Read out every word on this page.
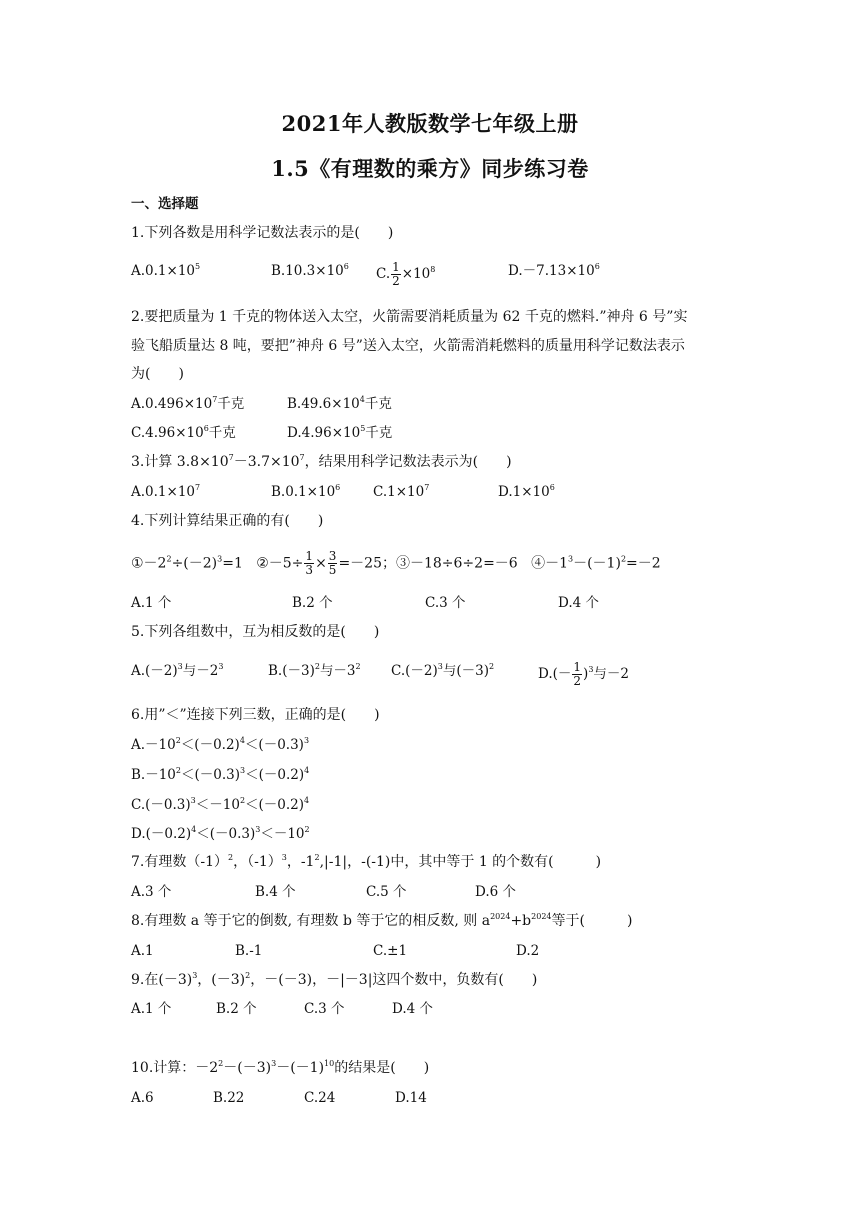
2021年人教版数学七年级上册
1.5《有理数的乘方》同步练习卷
一、选择题
1.下列各数是用科学记数法表示的是(　　)
$A.0.1\times 10^5$	$B.10.3\times 10^6$ C. $\frac{1}{2} \times 10^8$	$D.-7.13\times 10^6$
2.要把质量为 1 千克的物体送入太空，火箭需要消耗质量为 62 千克的燃料.”神舟 6 号”实
验飞船质量达 8 吨，要把”神舟 6 号”送入太空，火箭需消耗燃料的质量用科学记数法表示
为(　　)
$A.0.496\times 10^7$千克	$B.49.6\times 10^4$千克
$C.4.96\times 10^6$千克	$D.4.96\times 10^5$千克
3.计算 $3.8\times 10^7-3.7\times 10^7$，结果用科学记数法表示为(　　)
$A.0.1\times 10^7$	$B.0.1\times 10^6$ $C.1\times 10^7$	$D.1\times 10^6$
4.下列计算结果正确的有(　　)
$①-2^2\div(-2)^3=1$ ②－5÷ $\frac{1}{3} \times \frac{3}{5} =-25$；③－18÷6÷2=－6 $④-1^3-(-1)^2=-2$
A.1 个	B.2 个	C.3 个	D.4 个
5.下列各组数中，互为相反数的是(　　)
$A.(-2)^3$与$-2^3$	$B.(-3)^2$与$-3^2$ $C.(-2)^3$与$(-3)^2$	$D.(- \frac{1}{2} )^3$与－2
6.用”＜”连接下列三数，正确的是(　　)
$A.-10^2<(-0.2)^4<(-0.3)^3$
$B.-10^2<(-0.3)^3<(-0.2)^4$
$C.(-0.3)^3<-10^2<(-0.2)^4$
$D.(-0.2)^4<(-0.3)^3<-10^2$
7.有理数$(-1)^2$，$(-1)^3$，$-1^2,|-1|$，-(-1)中，其中等于 1 的个数有(　　　)
A.3 个	B.4 个	C.5 个	D.6 个
8.有理数 a 等于它的倒数, 有理数 b 等于它的相反数, 则 $a^{2024}+b^{2024}$等于(　　　)
A.1	B.-1	C.±1	D.2
9.在$(-3)^3$，$(-3)^2$，－(－3)，－|－3|这四个数中，负数有(　　)
A.1 个	B.2 个	C.3 个	D.4 个
10.计算：$-2^2-(-3)^3-(-1)^{10}$的结果是(　　)
A.6	B.22	C.24	D.14
